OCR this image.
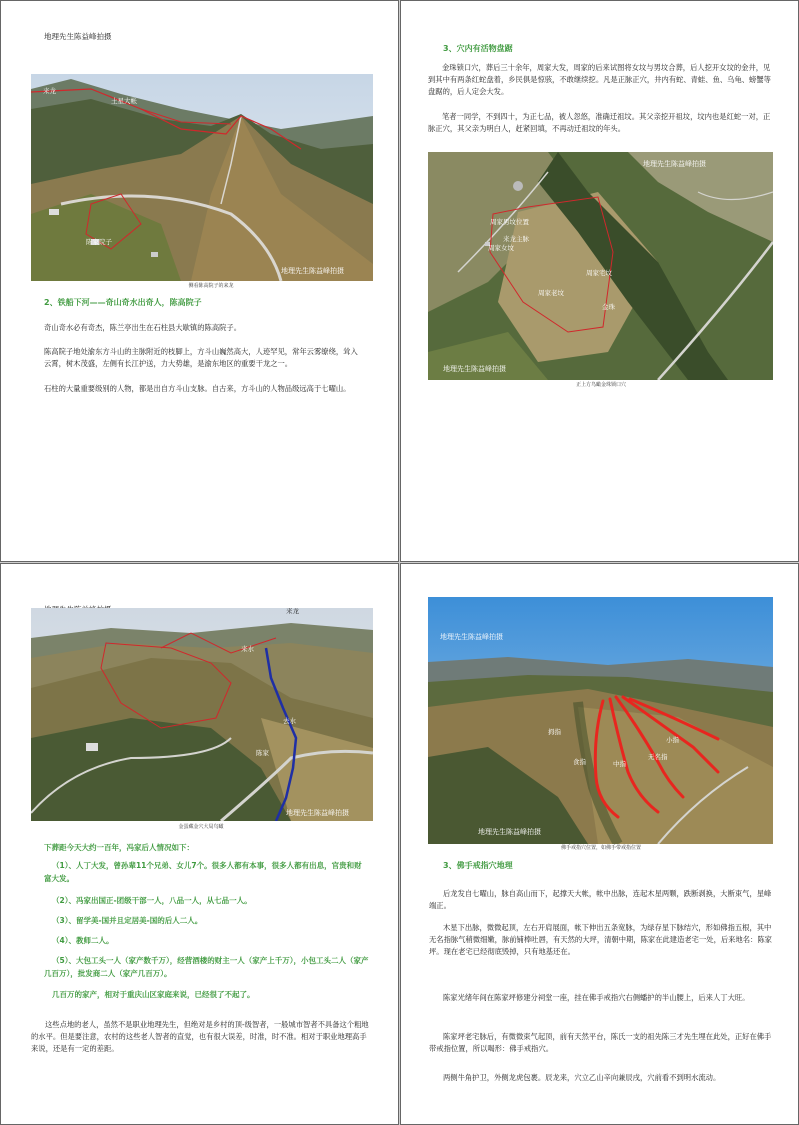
地理先生陈益峰拍摄
来龙
土星大帐
陈家院子
地理先生陈益峰拍摄
侧看陈高院子的来龙

2、铁船下河——奇山奇水出奇人，陈高院子

奇山奇水必有奇杰，陈兰亭出生在石柱县大歇镇的陈高院子。

陈高院子地处渝东方斗山的主脉附近的枝脚上，方斗山巍然高大，人迹罕见，常年云雾缭绕，耸入云霄，树木茂盛，左侧有长江护送，力大势雄，是渝东地区的重要干龙之一。

石柱的大量重要级别的人物，都是出自方斗山支脉。自古来，方斗山的人物品级远高于七曜山。

3、穴内有活物盘踞

金珠锁口穴，葬后三十余年，周家大发，周家的后来试图将女坟与男坟合葬，后人挖开女坟的金井，见到其中有两条红蛇盘着，乡民俱是惊骇，不敢继续挖。凡是正脉正穴，井内有蛇、青蛙、鱼、乌龟、螃蟹等盘踞的，后人定会大发。

笔者一同学，不到四十，为正七品，被人忽悠，准确迁祖坟。其父亲挖开祖坟，坟内也是红蛇一对，正脉正穴，其父亲为明白人，赶紧回填，不再动迁祖坟的年头。

地理先生陈益峰拍摄
周家男坟位置
周家女坟
来龙主脉
周家宅坟
周家老坟
金珠
地理先生陈益峰拍摄
正上方鸟瞰金珠锁口穴
来龙
来水
去水
陈家
地理先生陈益峰拍摄
金蛋藏金穴大局鸟瞰

下葬距今天大约一百年，冯家后人情况如下：

（1）、人丁大发，曾孙辈11个兄弟、女儿7个。很多人都有本事，很多人都有出息，官贵和财富大发。

（2）、冯家出国正-团级干部一人，八品一人，从七品一人。

（3）、留学美-国并且定居美-国的后人二人。

（4）、教师二人。

（5）、大包工头一人（家产数千万），经营酒楼的财主一人（家产上千万），小包工头二人（家产几百万），批发商二人（家产几百万）。

几百万的家产，相对于重庆山区家庭来说，已经很了不起了。

这些点地的老人，虽然不是职业地理先生，但绝对是乡村的顶-级智者，一般城市智者不具备这个粗地的水平。但是要注意，农村的这些老人智者的直觉，也有很大误差，时准，时不准。相对于职业地理高手来说，还是有一定的差距。

地理先生陈益峰拍摄
拇指
食指	中指
无名指
小指
地理先生陈益峰拍摄
佛手戒指穴位置，如佛手带戒指位置

3、佛手戒指穴地理

后龙发自七曜山，脉自高山而下，起撑天大帐，帐中出脉，连起木星两颗，跌断剥换，大断束气，星峰端正。

木星下出脉，微微起顶，左右开肩展面，帐下伸出五条宽脉，为绿存星下脉结穴，形如佛指五根，其中无名指脉气稍微细嫩，脉前铺棒吐唇，有天然的大坪，清朝中期，陈家在此建造老宅一处，后来地名：陈家坪。现在老宅已经彻底毁掉，只有地基还在。

陈家光绪年间在陈家坪修建分祠堂一座，挂在佛手戒指穴右侧蟠护的半山腰上，后来人丁大旺。

陈家坪老宅脉后，有微微束气起顶，前有天然平台，陈氏一支的祖先陈三才先生埋在此处，正好在佛手带戒指位置，所以喝形：佛手戒指穴。

两侧牛角护卫，外侧龙虎包裹。辰龙来，穴立乙山辛向兼辰戌，穴前看不到明水流动。
